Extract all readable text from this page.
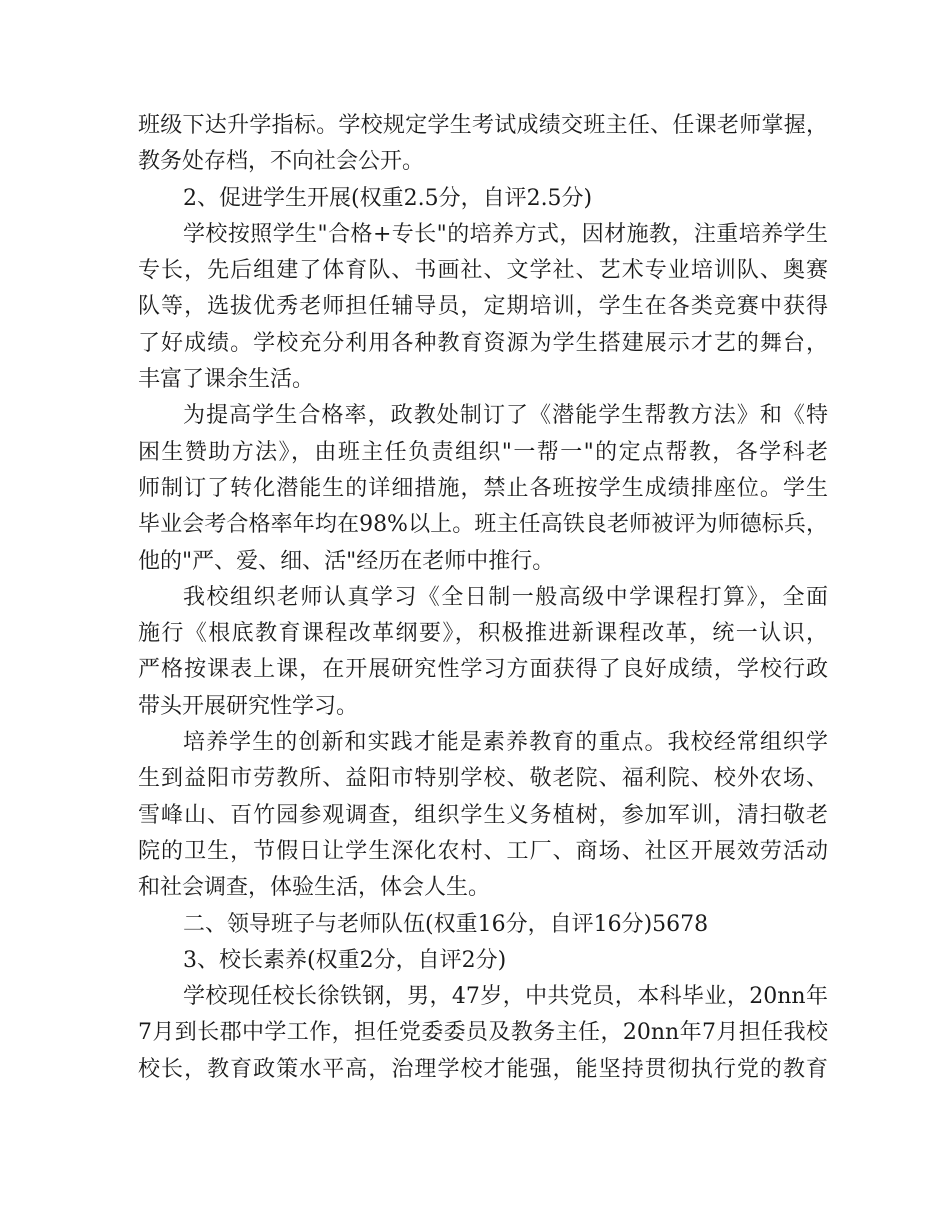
班级下达升学指标。学校规定学生考试成绩交班主任、任课老师掌握，
教务处存档，不向社会公开。
2、促进学生开展(权重2.5分，自评2.5分)
学校按照学生"合格+专长"的培养方式，因材施教，注重培养学生
专长，先后组建了体育队、书画社、文学社、艺术专业培训队、奥赛
队等，选拔优秀老师担任辅导员，定期培训，学生在各类竞赛中获得
了好成绩。学校充分利用各种教育资源为学生搭建展示才艺的舞台，
丰富了课余生活。
为提高学生合格率，政教处制订了《潜能学生帮教方法》和《特
困生赞助方法》，由班主任负责组织"一帮一"的定点帮教，各学科老
师制订了转化潜能生的详细措施，禁止各班按学生成绩排座位。学生
毕业会考合格率年均在98%以上。班主任高铁良老师被评为师德标兵，
他的"严、爱、细、活"经历在老师中推行。
我校组织老师认真学习《全日制一般高级中学课程打算》，全面
施行《根底教育课程改革纲要》，积极推进新课程改革，统一认识，
严格按课表上课，在开展研究性学习方面获得了良好成绩，学校行政
带头开展研究性学习。
培养学生的创新和实践才能是素养教育的重点。我校经常组织学
生到益阳市劳教所、益阳市特别学校、敬老院、福利院、校外农场、
雪峰山、百竹园参观调查，组织学生义务植树，参加军训，清扫敬老
院的卫生，节假日让学生深化农村、工厂、商场、社区开展效劳活动
和社会调查，体验生活，体会人生。
二、领导班子与老师队伍(权重16分，自评16分)5678
3、校长素养(权重2分，自评2分)
学校现任校长徐铁钢，男，47岁，中共党员，本科毕业，20nn年
7月到长郡中学工作，担任党委委员及教务主任，20nn年7月担任我校
校长，教育政策水平高，治理学校才能强，能坚持贯彻执行党的教育
